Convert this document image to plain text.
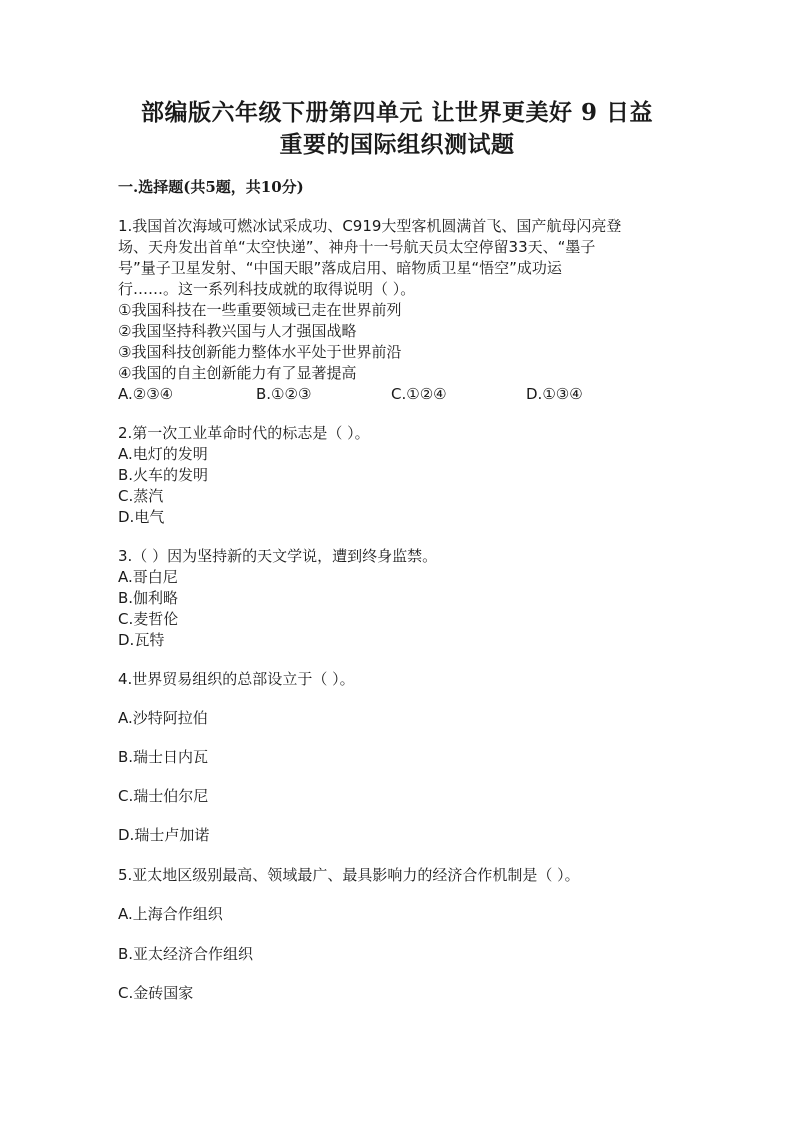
部编版六年级下册第四单元 让世界更美好 9 日益
重要的国际组织测试题
一.选择题(共5题，共10分)
1.我国首次海域可燃冰试采成功、C919大型客机圆满首飞、国产航母闪亮登
场、天舟发出首单“太空快递”、神舟十一号航天员太空停留33天、“墨子
号”量子卫星发射、“中国天眼”落成启用、暗物质卫星“悟空”成功运
行……。这一系列科技成就的取得说明（ ）。
①我国科技在一些重要领域已走在世界前列
②我国坚持科教兴国与人才强国战略
③我国科技创新能力整体水平处于世界前沿
④我国的自主创新能力有了显著提高
A.②③④	B.①②③	C.①②④	D.①③④
2.第一次工业革命时代的标志是（ ）。
A.电灯的发明
B.火车的发明
C.蒸汽
D.电气
3.（ ）因为坚持新的天文学说，遭到终身监禁。
A.哥白尼
B.伽利略
C.麦哲伦
D.瓦特
4.世界贸易组织的总部设立于（ ）。
A.沙特阿拉伯
B.瑞士日内瓦
C.瑞士伯尔尼
D.瑞士卢加诺
5.亚太地区级别最高、领域最广、最具影响力的经济合作机制是（ ）。
A.上海合作组织
B.亚太经济合作组织
C.金砖国家
